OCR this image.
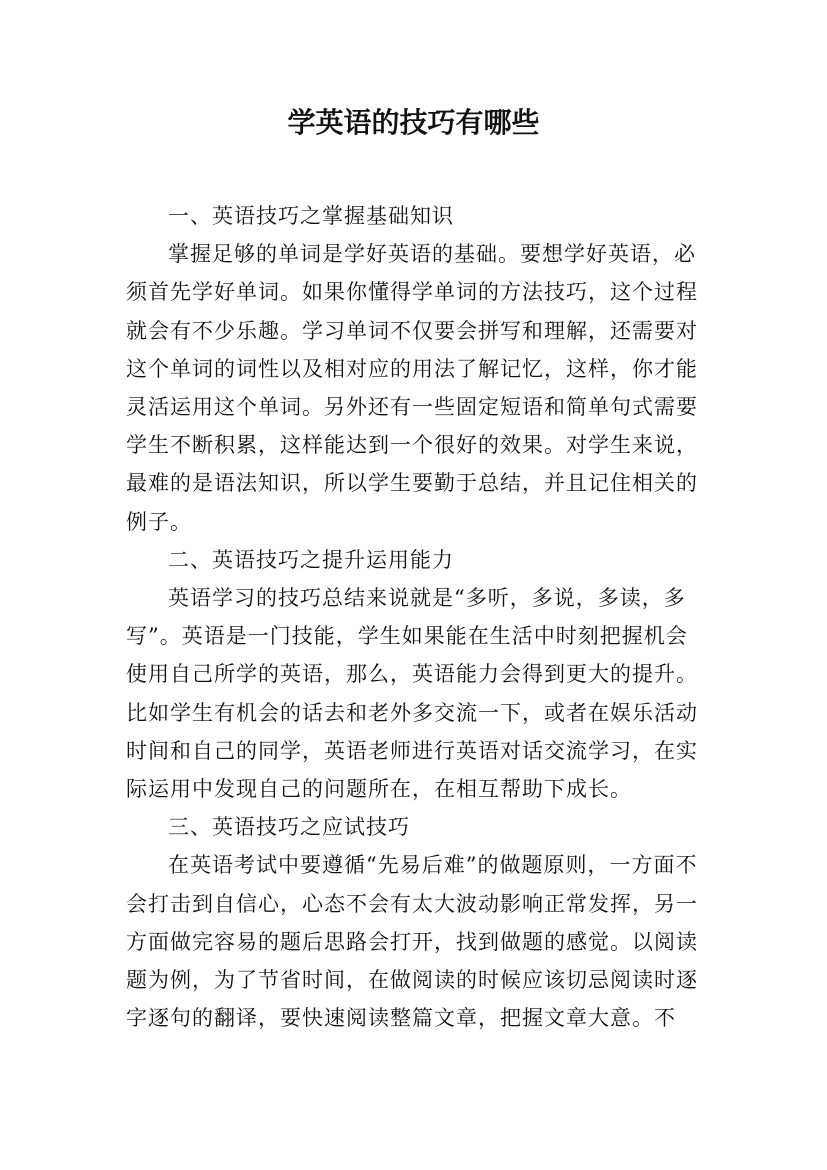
学英语的技巧有哪些

一、英语技巧之掌握基础知识

掌握足够的单词是学好英语的基础。要想学好英语，必须首先学好单词。如果你懂得学单词的方法技巧，这个过程就会有不少乐趣。学习单词不仅要会拼写和理解，还需要对这个单词的词性以及相对应的用法了解记忆，这样，你才能灵活运用这个单词。另外还有一些固定短语和简单句式需要学生不断积累，这样能达到一个很好的效果。对学生来说，最难的是语法知识，所以学生要勤于总结，并且记住相关的例子。

二、英语技巧之提升运用能力

英语学习的技巧总结来说就是“多听，多说，多读，多写”。英语是一门技能，学生如果能在生活中时刻把握机会使用自己所学的英语，那么，英语能力会得到更大的提升。比如学生有机会的话去和老外多交流一下，或者在娱乐活动时间和自己的同学，英语老师进行英语对话交流学习，在实际运用中发现自己的问题所在，在相互帮助下成长。

三、英语技巧之应试技巧

在英语考试中要遵循“先易后难”的做题原则，一方面不会打击到自信心，心态不会有太大波动影响正常发挥，另一方面做完容易的题后思路会打开，找到做题的感觉。以阅读题为例，为了节省时间，在做阅读的时候应该切忌阅读时逐字逐句的翻译，要快速阅读整篇文章，把握文章大意。不
